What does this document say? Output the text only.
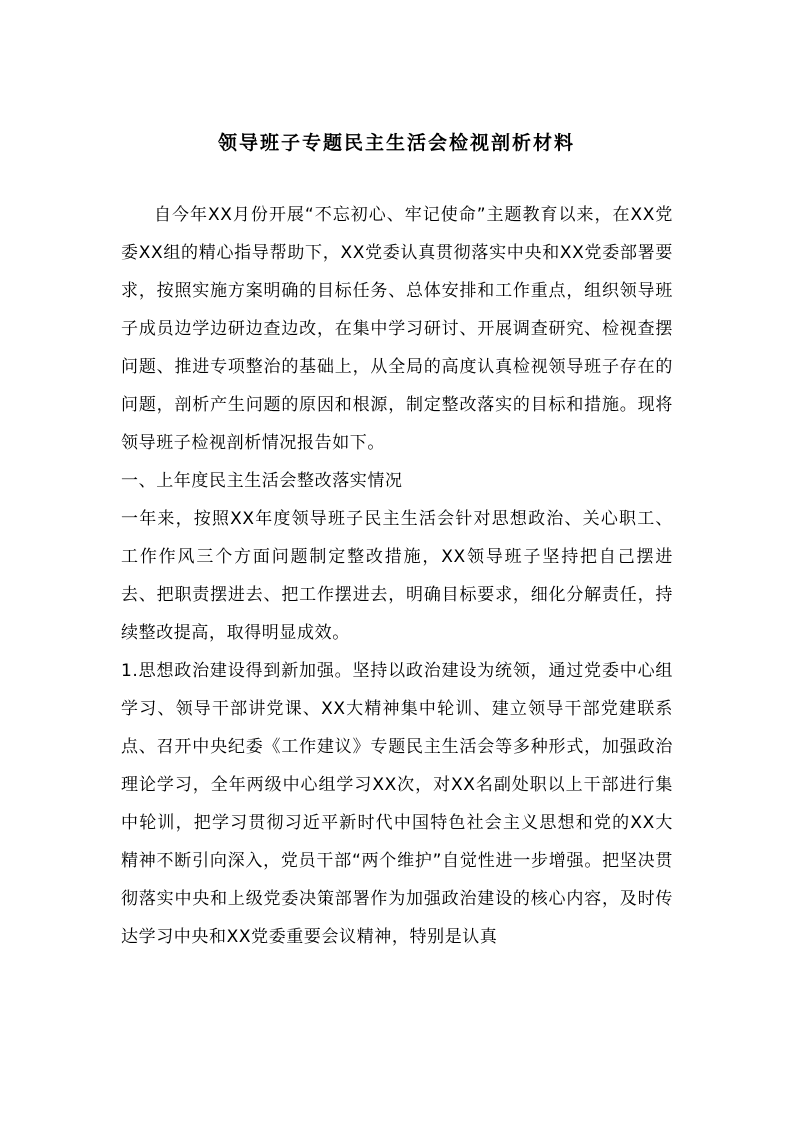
领导班子专题民主生活会检视剖析材料

自今年XX月份开展“不忘初心、牢记使命”主题教育以来，在XX党委XX组的精心指导帮助下，XX党委认真贯彻落实中央和XX党委部署要求，按照实施方案明确的目标任务、总体安排和工作重点，组织领导班子成员边学边研边查边改，在集中学习研讨、开展调查研究、检视查摆问题、推进专项整治的基础上，从全局的高度认真检视领导班子存在的问题，剖析产生问题的原因和根源，制定整改落实的目标和措施。现将领导班子检视剖析情况报告如下。

一、上年度民主生活会整改落实情况

一年来，按照XX年度领导班子民主生活会针对思想政治、关心职工、工作作风三个方面问题制定整改措施，XX领导班子坚持把自己摆进去、把职责摆进去、把工作摆进去，明确目标要求，细化分解责任，持续整改提高，取得明显成效。

1.思想政治建设得到新加强。坚持以政治建设为统领，通过党委中心组学习、领导干部讲党课、XX大精神集中轮训、建立领导干部党建联系点、召开中央纪委《工作建议》专题民主生活会等多种形式，加强政治理论学习，全年两级中心组学习XX次，对XX名副处职以上干部进行集中轮训，把学习贯彻习近平新时代中国特色社会主义思想和党的XX大精神不断引向深入，党员干部“两个维护”自觉性进一步增强。把坚决贯彻落实中央和上级党委决策部署作为加强政治建设的核心内容，及时传达学习中央和XX党委重要会议精神，特别是认真
